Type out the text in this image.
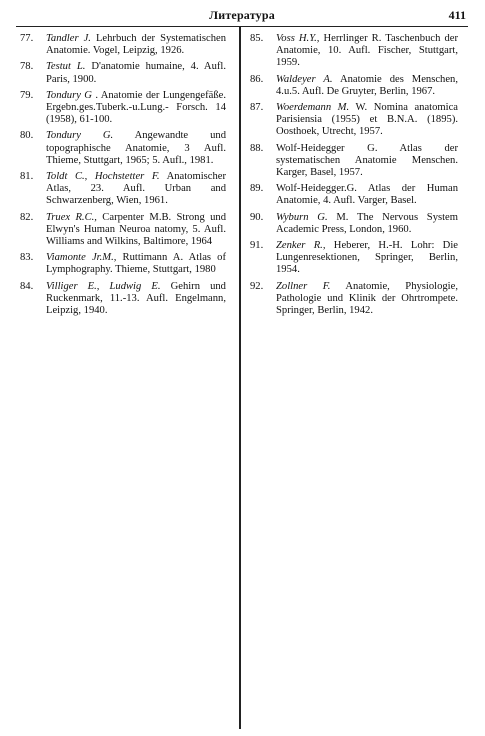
Литература	411
77. Tandler J. Lehrbuch der Systematischen Anatomie. Vogel, Leipzig, 1926.
78. Testut L. D'anatomie humaine, 4. Aufl. Paris, 1900.
79. Tondury G . Anatomie der Lungengefäße. Ergebn.ges.Tuberk.-u.Lung.- Forsch. 14 (1958), 61-100.
80. Tondury G. Angewandte und topographische Anatomie, 3 Aufl. Thieme, Stuttgart, 1965; 5. Aufl., 1981.
81. Toldt C., Hochstetter F. Anatomischer Atlas, 23. Aufl. Urban and Schwarzenberg, Wien, 1961.
82. Truex R.C., Carpenter M.B. Strong und Elwyn's Human Neuroa natomy, 5. Aufl. Williams and Wilkins, Baltimore, 1964
83. Viamonte Jr.M., Ruttimann A. Atlas of Lymphography. Thieme, Stuttgart, 1980
84. Villiger E., Ludwig E. Gehirn und Ruckenmark, 11.-13. Aufl. Engelmann, Leipzig, 1940.
85. Voss H.Y., Herrlinger R. Taschenbuch der Anatomie, 10. Aufl. Fischer, Stuttgart, 1959.
86. Waldeyer A. Anatomie des Menschen, 4.u.5. Aufl. De Gruyter, Berlin, 1967.
87. Woerdemann M. W. Nomina anatomica Parisiensia (1955) et B.N.A. (1895). Oosthoek, Utrecht, 1957.
88. Wolf-Heidegger G. Atlas der systematischen Anatomie Menschen. Karger, Basel, 1957.
89. Wolf-Heidegger.G. Atlas der Human Anatomie, 4. Aufl. Varger, Basel.
90. Wyburn G. M. The Nervous System Academic Press, London, 1960.
91. Zenker R., Heberer, H.-H. Lohr: Die Lungenresektionen, Springer, Berlin, 1954.
92. Zollner F. Anatomie, Physiologie, Pathologie und Klinik der Ohrtrompete. Springer, Berlin, 1942.
